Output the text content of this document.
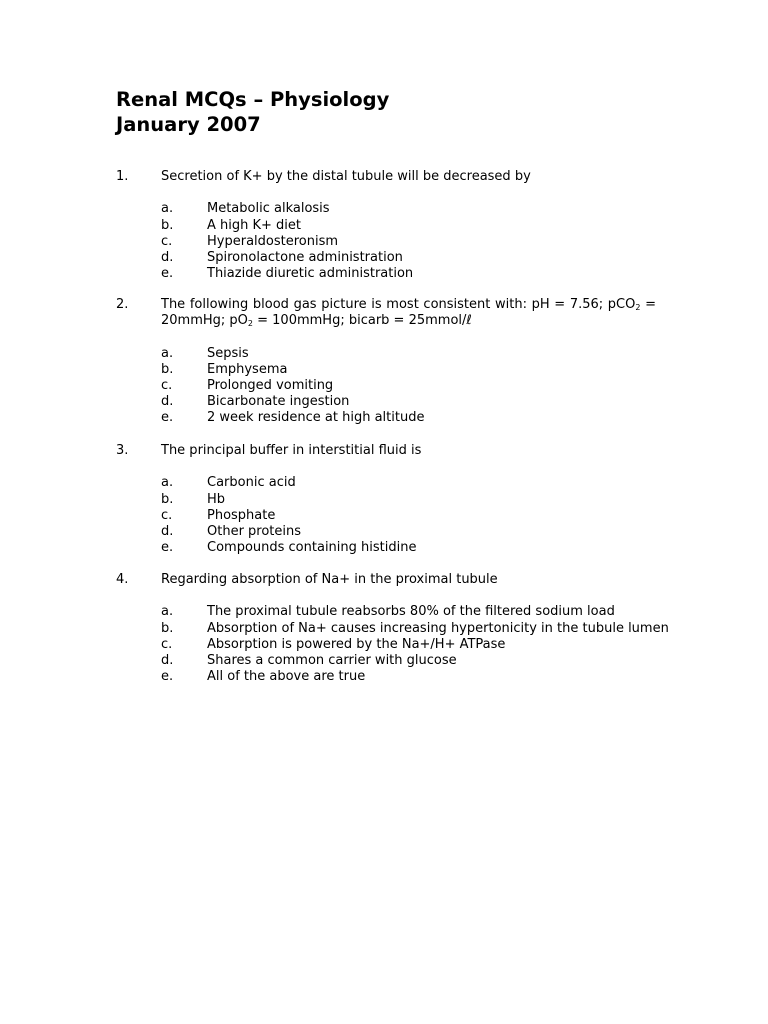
Renal MCQs – Physiology
January 2007
1.	Secretion of K+ by the distal tubule will be decreased by
a.	Metabolic alkalosis
b.	A high K+ diet
c.	Hyperaldosteronism
d.	Spironolactone administration
e.	Thiazide diuretic administration
2.	The following blood gas picture is most consistent with: pH = 7.56; pCO$_2$ = 20mmHg; $pO_2$ = 100mmHg; bicarb = 25mmol/ℓ
a.	Sepsis
b.	Emphysema
c.	Prolonged vomiting
d.	Bicarbonate ingestion
e.	2 week residence at high altitude
3.	The principal buffer in interstitial fluid is
a.	Carbonic acid
b.	Hb
c.	Phosphate
d.	Other proteins
e.	Compounds containing histidine
4.	Regarding absorption of Na+ in the proximal tubule
a.	The proximal tubule reabsorbs 80% of the filtered sodium load
b.	Absorption of Na+ causes increasing hypertonicity in the tubule lumen
c.	Absorption is powered by the Na+/H+ ATPase
d.	Shares a common carrier with glucose
e.	All of the above are true
